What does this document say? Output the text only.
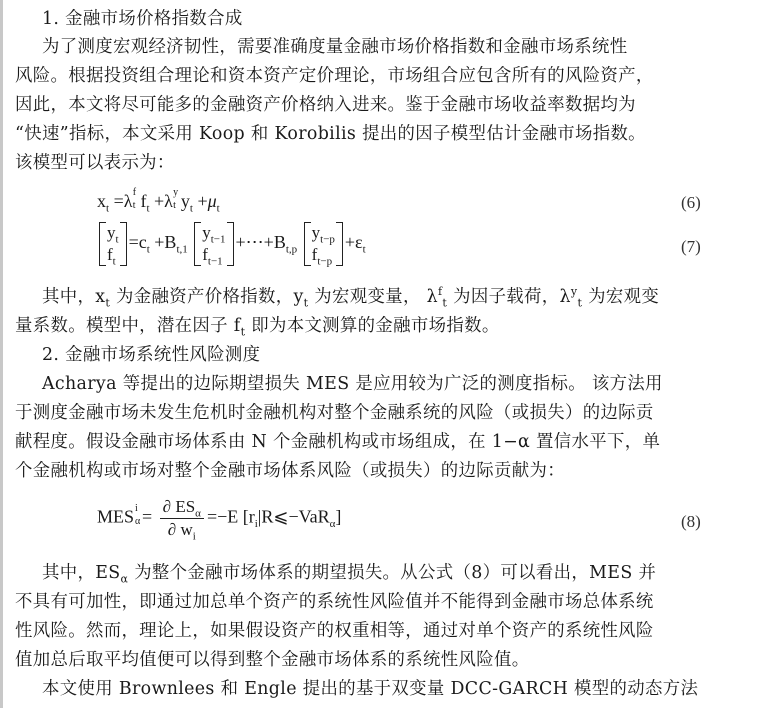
1. 金融市场价格指数合成
为了测度宏观经济韧性，需要准确度量金融市场价格指数和金融市场系统性
风险。根据投资组合理论和资本资产定价理论，市场组合应包含所有的风险资产，
因此，本文将尽可能多的金融资产价格纳入进来。鉴于金融市场收益率数据均为
“快速”指标，本文采用 Koop 和 Korobilis 提出的因子模型估计金融市场指数。
该模型可以表示为：
$x_t =\lambda$ f
t $f_t +\lambda$ y
t $y_t +\mu_t$	(6)
$y_t$
$f_t$
$=c_t +B_{t,1}$
$y_{t-1}$
$f_{t-1}$
$+\cdots+B_{t,p}$
$y_{t-p}$
$f_{t-p}$
$+\varepsilon_t$	(7)
其中，$x_t$ 为金融资产价格指数，$y_t$ 为宏观变量， $\lambda^f_t$ 为因子载荷，$\lambda^y_t$ 为宏观变
量系数。模型中，潜在因子 $f_t$ 即为本文测算的金融市场指数。
2. 金融市场系统性风险测度
Acharya 等提出的边际期望损失 MES 是应用较为广泛的测度指标。 该方法用
于测度金融市场未发生危机时金融机构对整个金融系统的风险（或损失）的边际贡
献程度。假设金融市场体系由 N 个金融机构或市场组成，在 1−α 置信水平下，单
个金融机构或市场对整个金融市场体系风险（或损失）的边际贡献为：
MES i
$\alpha = \frac{\partial ES_\alpha}{\partial w_i} =-E$ $[r_i|R⩽-VaR_\alpha]$	(8)
其中，$ES_\alpha$ 为整个金融市场体系的期望损失。从公式（8）可以看出，MES 并
不具有可加性，即通过加总单个资产的系统性风险值并不能得到金融市场总体系统
性风险。然而，理论上，如果假设资产的权重相等，通过对单个资产的系统性风险
值加总后取平均值便可以得到整个金融市场体系的系统性风险值。
本文使用 Brownlees 和 Engle 提出的基于双变量 DCC-GARCH 模型的动态方法
